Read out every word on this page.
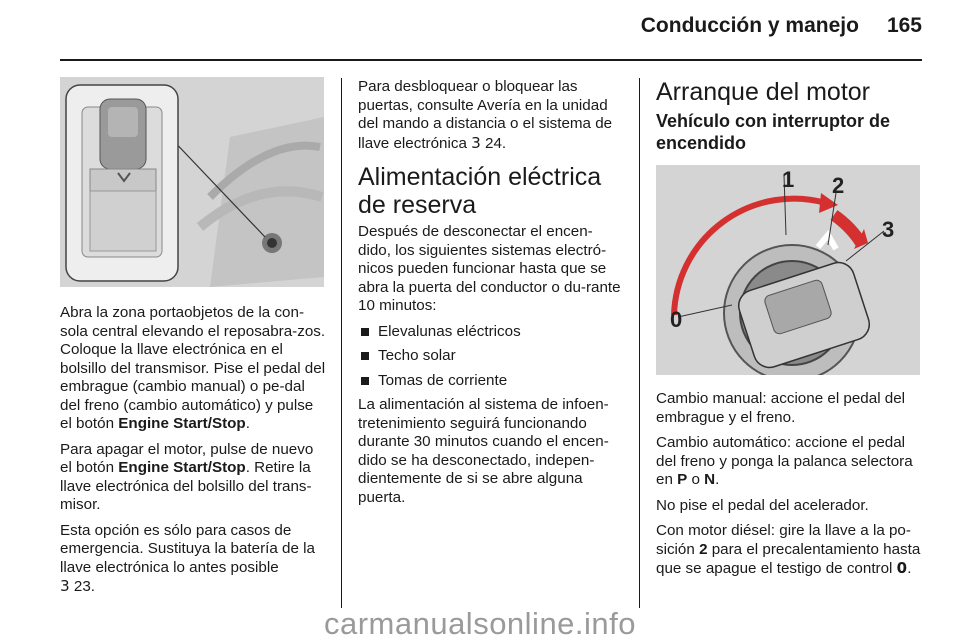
Conducción y manejo 165

Abra la zona portaobjetos de la con-sola central elevando el reposabra-zos. Coloque la llave electrónica en el bolsillo del transmisor. Pise el pedal del embrague (cambio manual) o pe-dal del freno (cambio automático) y pulse el botón Engine Start/Stop.

Para apagar el motor, pulse de nuevo el botón Engine Start/Stop. Retire la llave electrónica del bolsillo del trans-misor.

Esta opción es sólo para casos de emergencia. Sustituya la batería de la llave electrónica lo antes posible
3 23.

Para desbloquear o bloquear las puertas, consulte Avería en la unidad del mando a distancia o el sistema de llave electrónica 3 24.

Alimentación eléctrica de reserva

Después de desconectar el encen-dido, los siguientes sistemas electró-nicos pueden funcionar hasta que se abra la puerta del conductor o du-rante 10 minutos:

Elevalunas eléctricos
Techo solar
Tomas de corriente

La alimentación al sistema de infoen-tretenimiento seguirá funcionando durante 30 minutos cuando el encen-dido se ha desconectado, indepen-dientemente de si se abre alguna puerta.

Arranque del motor
Vehículo con interruptor de encendido
1 2
3
0

Cambio manual: accione el pedal del embrague y el freno.

Cambio automático: accione el pedal del freno y ponga la palanca selectora en P o N.

No pise el pedal del acelerador.

Con motor diésel: gire la llave a la po-sición 2 para el precalentamiento hasta que se apague el testigo de control 𝟬.

carmanualsonline.info
